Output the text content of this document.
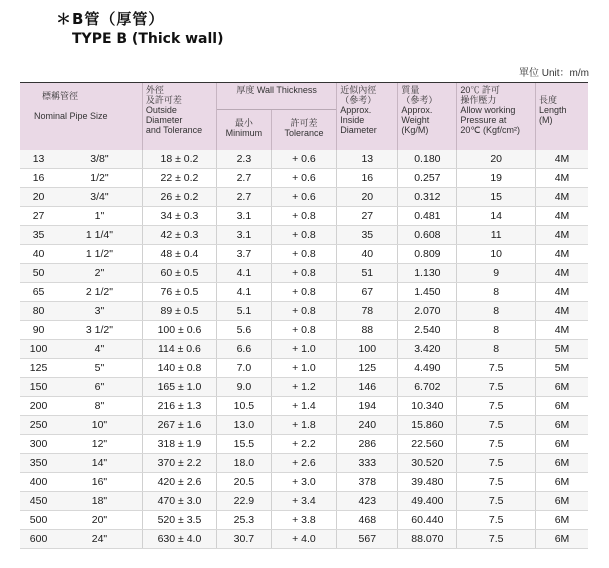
＊B管（厚管）
TYPE B (Thick wall)
單位 Unit：m/m
標稱管徑
Nominal Pipe Size		外徑
及許可差
Outside
Diameter
and Tolerance	厚度 Wall Thickness		近似內徑
（參考）
Approx.
Inside
Diameter	質量
（參考）
Approx.
Weight
(Kg/M)	20℃ 許可
操作壓力
Allow working
Pressure at
20℃ (Kgf/cm²)	長度
Length
(M)

			最小
Minimum	許可差
Tolerance				

13	3/8"	18 ± 0.2	2.3	+ 0.6	13	0.180	20	4M
16	1/2"	22 ± 0.2	2.7	+ 0.6	16	0.257	19	4M
20	3/4"	26 ± 0.2	2.7	+ 0.6	20	0.312	15	4M
27	1"	34 ± 0.3	3.1	+ 0.8	27	0.481	14	4M
35	1 1/4"	42 ± 0.3	3.1	+ 0.8	35	0.608	11	4M
40	1 1/2"	48 ± 0.4	3.7	+ 0.8	40	0.809	10	4M
50	2"	60 ± 0.5	4.1	+ 0.8	51	1.130	9	4M
65	2 1/2"	76 ± 0.5	4.1	+ 0.8	67	1.450	8	4M
80	3"	89 ± 0.5	5.1	+ 0.8	78	2.070	8	4M
90	3 1/2"	100 ± 0.6	5.6	+ 0.8	88	2.540	8	4M
100	4"	114 ± 0.6	6.6	+ 1.0	100	3.420	8	5M
125	5"	140 ± 0.8	7.0	+ 1.0	125	4.490	7.5	5M
150	6"	165 ± 1.0	9.0	+ 1.2	146	6.702	7.5	6M
200	8"	216 ± 1.3	10.5	+ 1.4	194	10.340	7.5	6M
250	10"	267 ± 1.6	13.0	+ 1.8	240	15.860	7.5	6M
300	12"	318 ± 1.9	15.5	+ 2.2	286	22.560	7.5	6M
350	14"	370 ± 2.2	18.0	+ 2.6	333	30.520	7.5	6M
400	16"	420 ± 2.6	20.5	+ 3.0	378	39.480	7.5	6M
450	18"	470 ± 3.0	22.9	+ 3.4	423	49.400	7.5	6M
500	20"	520 ± 3.5	25.3	+ 3.8	468	60.440	7.5	6M
600	24"	630 ± 4.0	30.7	+ 4.0	567	88.070	7.5	6M
